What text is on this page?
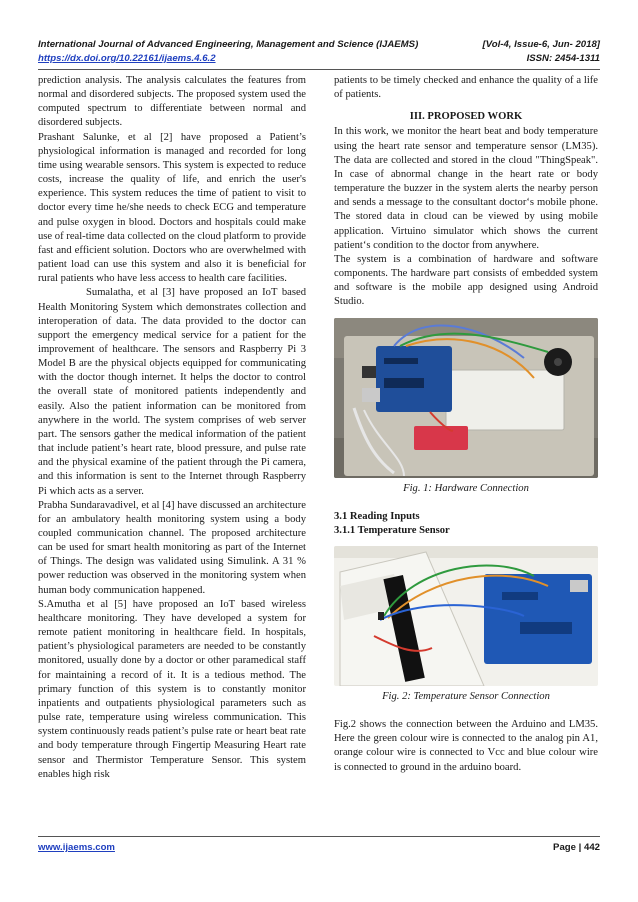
International Journal of Advanced Engineering, Management and Science (IJAEMS)	[Vol-4, Issue-6, Jun- 2018]
https://dx.doi.org/10.22161/ijaems.4.6.2	ISSN: 2454-1311

prediction analysis. The analysis calculates the features from normal and disordered subjects. The proposed system used the computed spectrum to differentiate between normal and disordered subjects.

Prashant Salunke, et al [2] have proposed a Patient’s physiological information is managed and recorded for long time using wearable sensors. This system is expected to reduce costs, increase the quality of life, and enrich the user's experience. This system reduces the time of patient to visit to doctor every time he/she needs to check ECG and temperature and pulse oxygen in blood. Doctors and hospitals could make use of real-time data collected on the cloud platform to provide fast and efficient solution. Doctors who are overwhelmed with patient load can use this system and also it is beneficial for rural patients who have less access to health care facilities.

Sumalatha, et al [3] have proposed an IoT based Health Monitoring System which demonstrates collection and interoperation of data. The data provided to the doctor can support the emergency medical service for a patient for the improvement of healthcare. The sensors and Raspberry Pi 3 Model B are the physical objects equipped for communicating with the doctor though internet. It helps the doctor to control the overall state of monitored patients independently and easily. Also the patient information can be monitored from anywhere in the world. The system comprises of web server part. The sensors gather the medical information of the patient that include patient’s heart rate, blood pressure, and pulse rate and the physical examine of the patient through the Pi camera, and this information is sent to the Internet through Raspberry Pi which acts as a server.

Prabha Sundaravadivel, et al [4] have discussed an architecture for an ambulatory health monitoring system using a body coupled communication channel. The proposed architecture can be used for smart health monitoring as part of the Internet of Things. The design was validated using Simulink. A 31 % power reduction was observed in the monitoring system when human body communication happened.

S.Amutha et al [5] have proposed an IoT based wireless healthcare monitoring. They have developed a system for remote patient monitoring in healthcare field. In hospitals, patient’s physiological parameters are needed to be constantly monitored, usually done by a doctor or other paramedical staff for maintaining a record of it. It is a tedious method. The primary function of this system is to constantly monitor inpatients and outpatients physiological parameters such as pulse rate, temperature using wireless communication. This system continuously reads patient’s pulse rate or heart beat rate and body temperature through Fingertip Measuring Heart rate sensor and Thermistor Temperature Sensor. This system enables high risk

patients to be timely checked and enhance the quality of a life of patients.

III. PROPOSED WORK

In this work, we monitor the heart beat and body temperature using the heart rate sensor and temperature sensor (LM35). The data are collected and stored in the cloud "ThingSpeak". In case of abnormal change in the heart rate or body temperature the buzzer in the system alerts the nearby person and sends a message to the consultant doctor‘s mobile phone. The stored data in cloud can be viewed by using mobile application. Virtuino simulator which shows the current patient‘s condition to the doctor from anywhere.

The system is a combination of hardware and software components. The hardware part consists of embedded system and software is the mobile app designed using Android Studio.

Fig. 1: Hardware Connection

3.1 Reading Inputs

3.1.1 Temperature Sensor

Fig. 2: Temperature Sensor Connection

Fig.2 shows the connection between the Arduino and LM35. Here the green colour wire is connected to the analog pin A1, orange colour wire is connected to Vcc and blue colour wire is connected to ground in the arduino board.

www.ijaems.com	Page | 442
